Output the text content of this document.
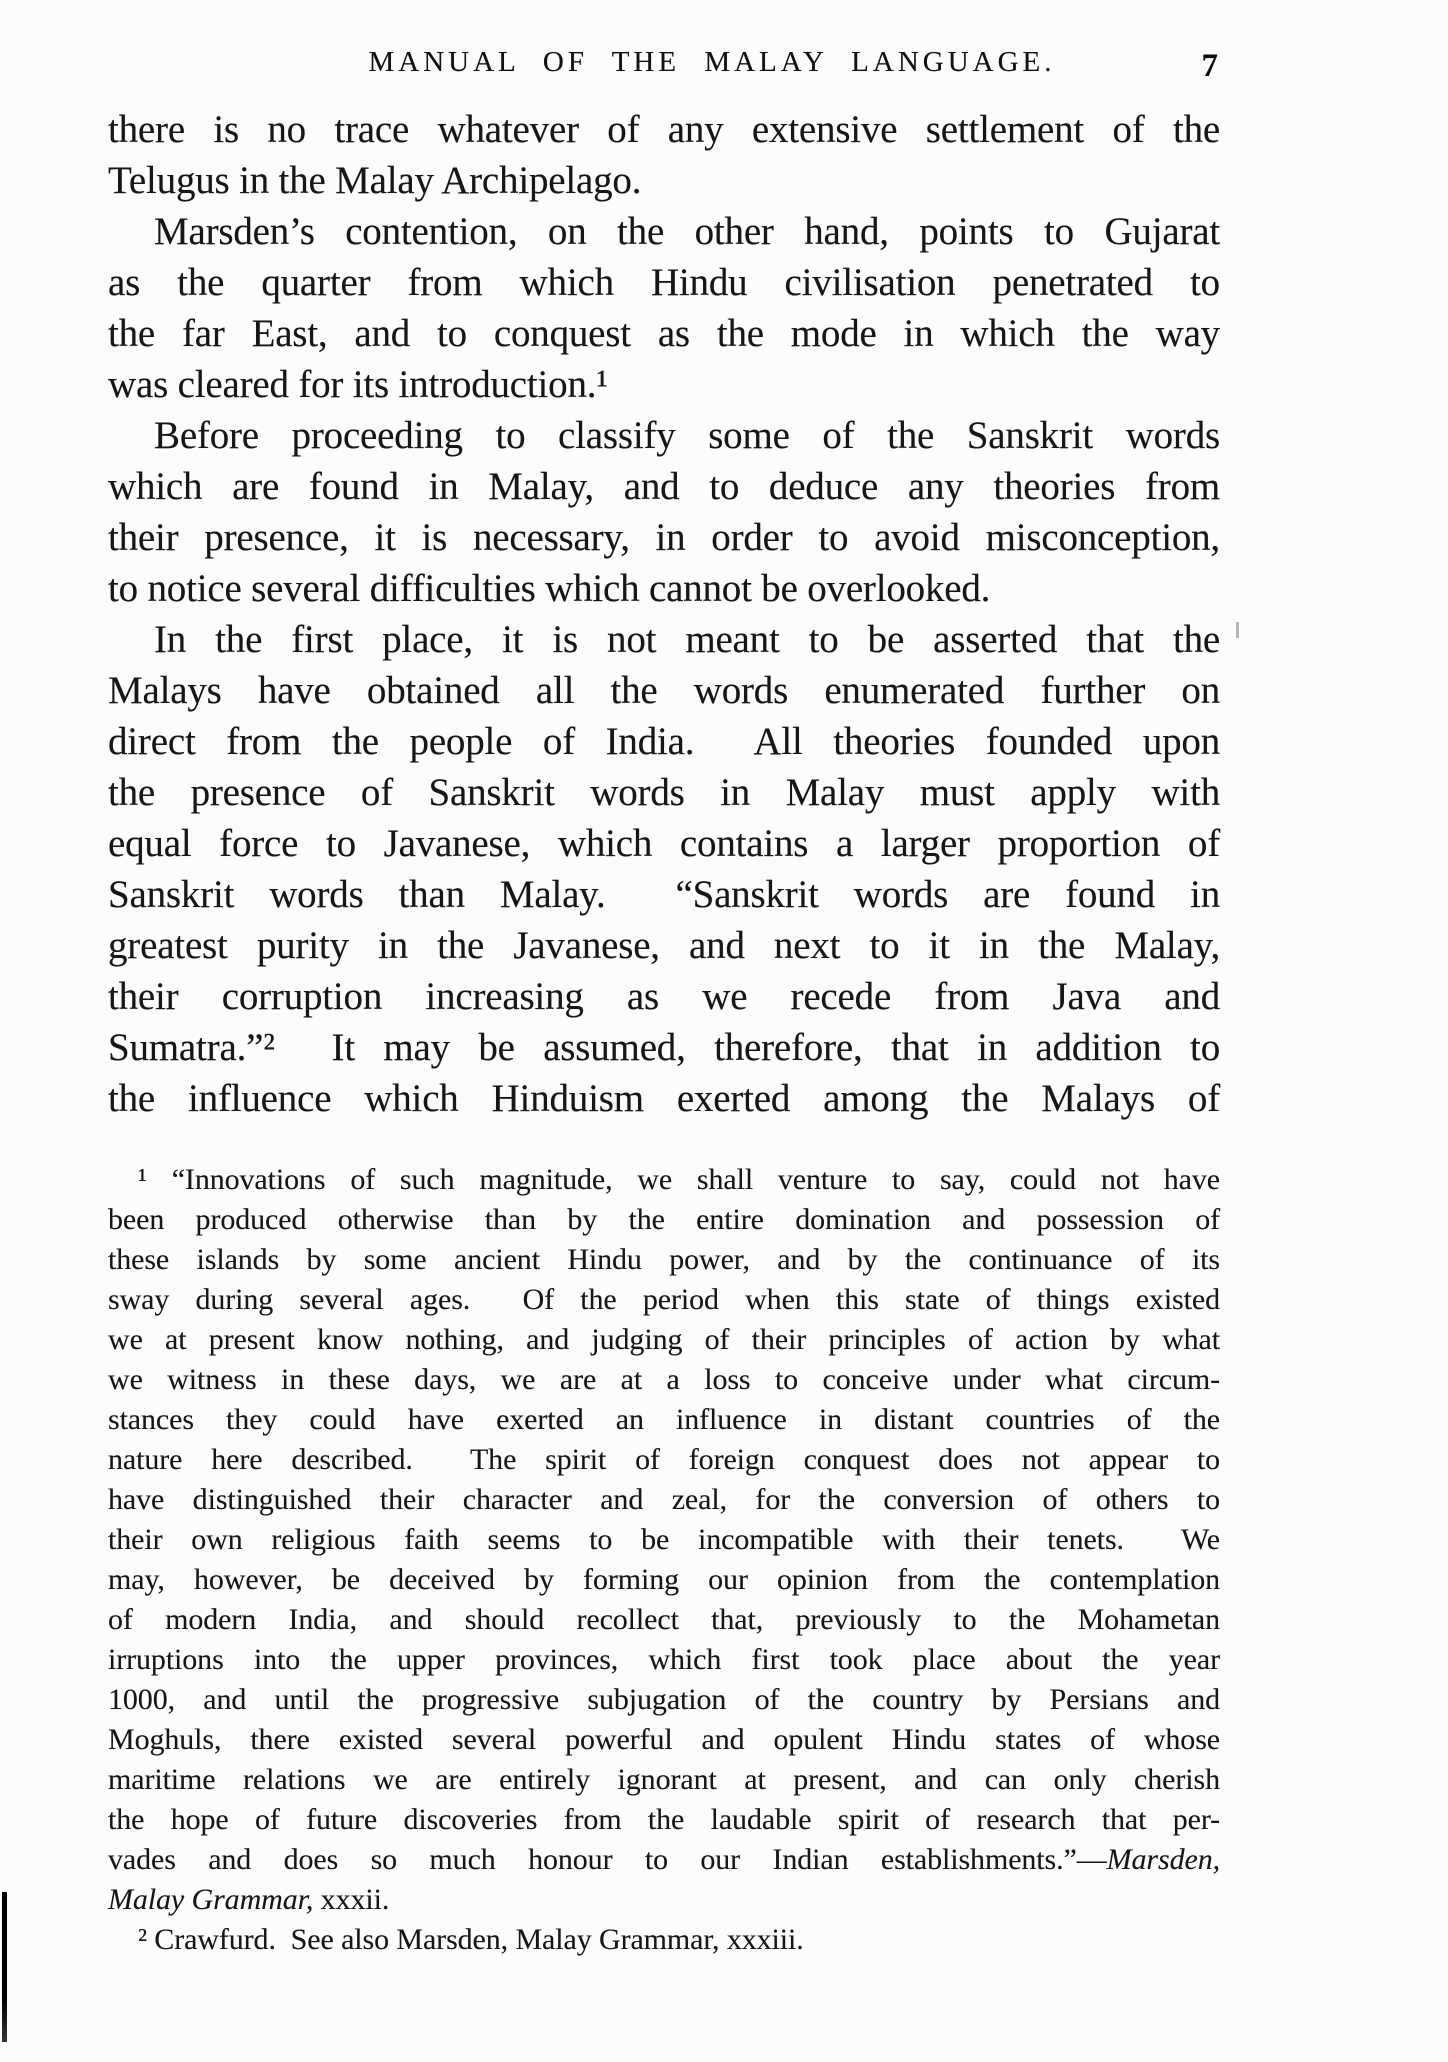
MANUAL OF THE MALAY LANGUAGE.	7
there is no trace whatever of any extensive settlement of the
Telugus in the Malay Archipelago.
Marsden’s contention, on the other hand, points to Gujarat
as the quarter from which Hindu civilisation penetrated to
the far East, and to conquest as the mode in which the way
was cleared for its introduction.¹
Before proceeding to classify some of the Sanskrit words
which are found in Malay, and to deduce any theories from
their presence, it is necessary, in order to avoid misconception,
to notice several difficulties which cannot be overlooked.
In the first place, it is not meant to be asserted that the
Malays have obtained all the words enumerated further on
direct from the people of India.  All theories founded upon
the presence of Sanskrit words in Malay must apply with
equal force to Javanese, which contains a larger proportion of
Sanskrit words than Malay.  “Sanskrit words are found in
greatest purity in the Javanese, and next to it in the Malay,
their corruption increasing as we recede from Java and
Sumatra.”²  It may be assumed, therefore, that in addition to
the influence which Hinduism exerted among the Malays of
¹ “Innovations of such magnitude, we shall venture to say, could not have
been produced otherwise than by the entire domination and possession of
these islands by some ancient Hindu power, and by the continuance of its
sway during several ages.  Of the period when this state of things existed
we at present know nothing, and judging of their principles of action by what
we witness in these days, we are at a loss to conceive under what circum-
stances they could have exerted an influence in distant countries of the
nature here described.  The spirit of foreign conquest does not appear to
have distinguished their character and zeal, for the conversion of others to
their own religious faith seems to be incompatible with their tenets.  We
may, however, be deceived by forming our opinion from the contemplation
of modern India, and should recollect that, previously to the Mohametan
irruptions into the upper provinces, which first took place about the year
1000, and until the progressive subjugation of the country by Persians and
Moghuls, there existed several powerful and opulent Hindu states of whose
maritime relations we are entirely ignorant at present, and can only cherish
the hope of future discoveries from the laudable spirit of research that per-
vades and does so much honour to our Indian establishments.”—Marsden,
Malay Grammar, xxxii.
² Crawfurd.  See also Marsden, Malay Grammar, xxxiii.
